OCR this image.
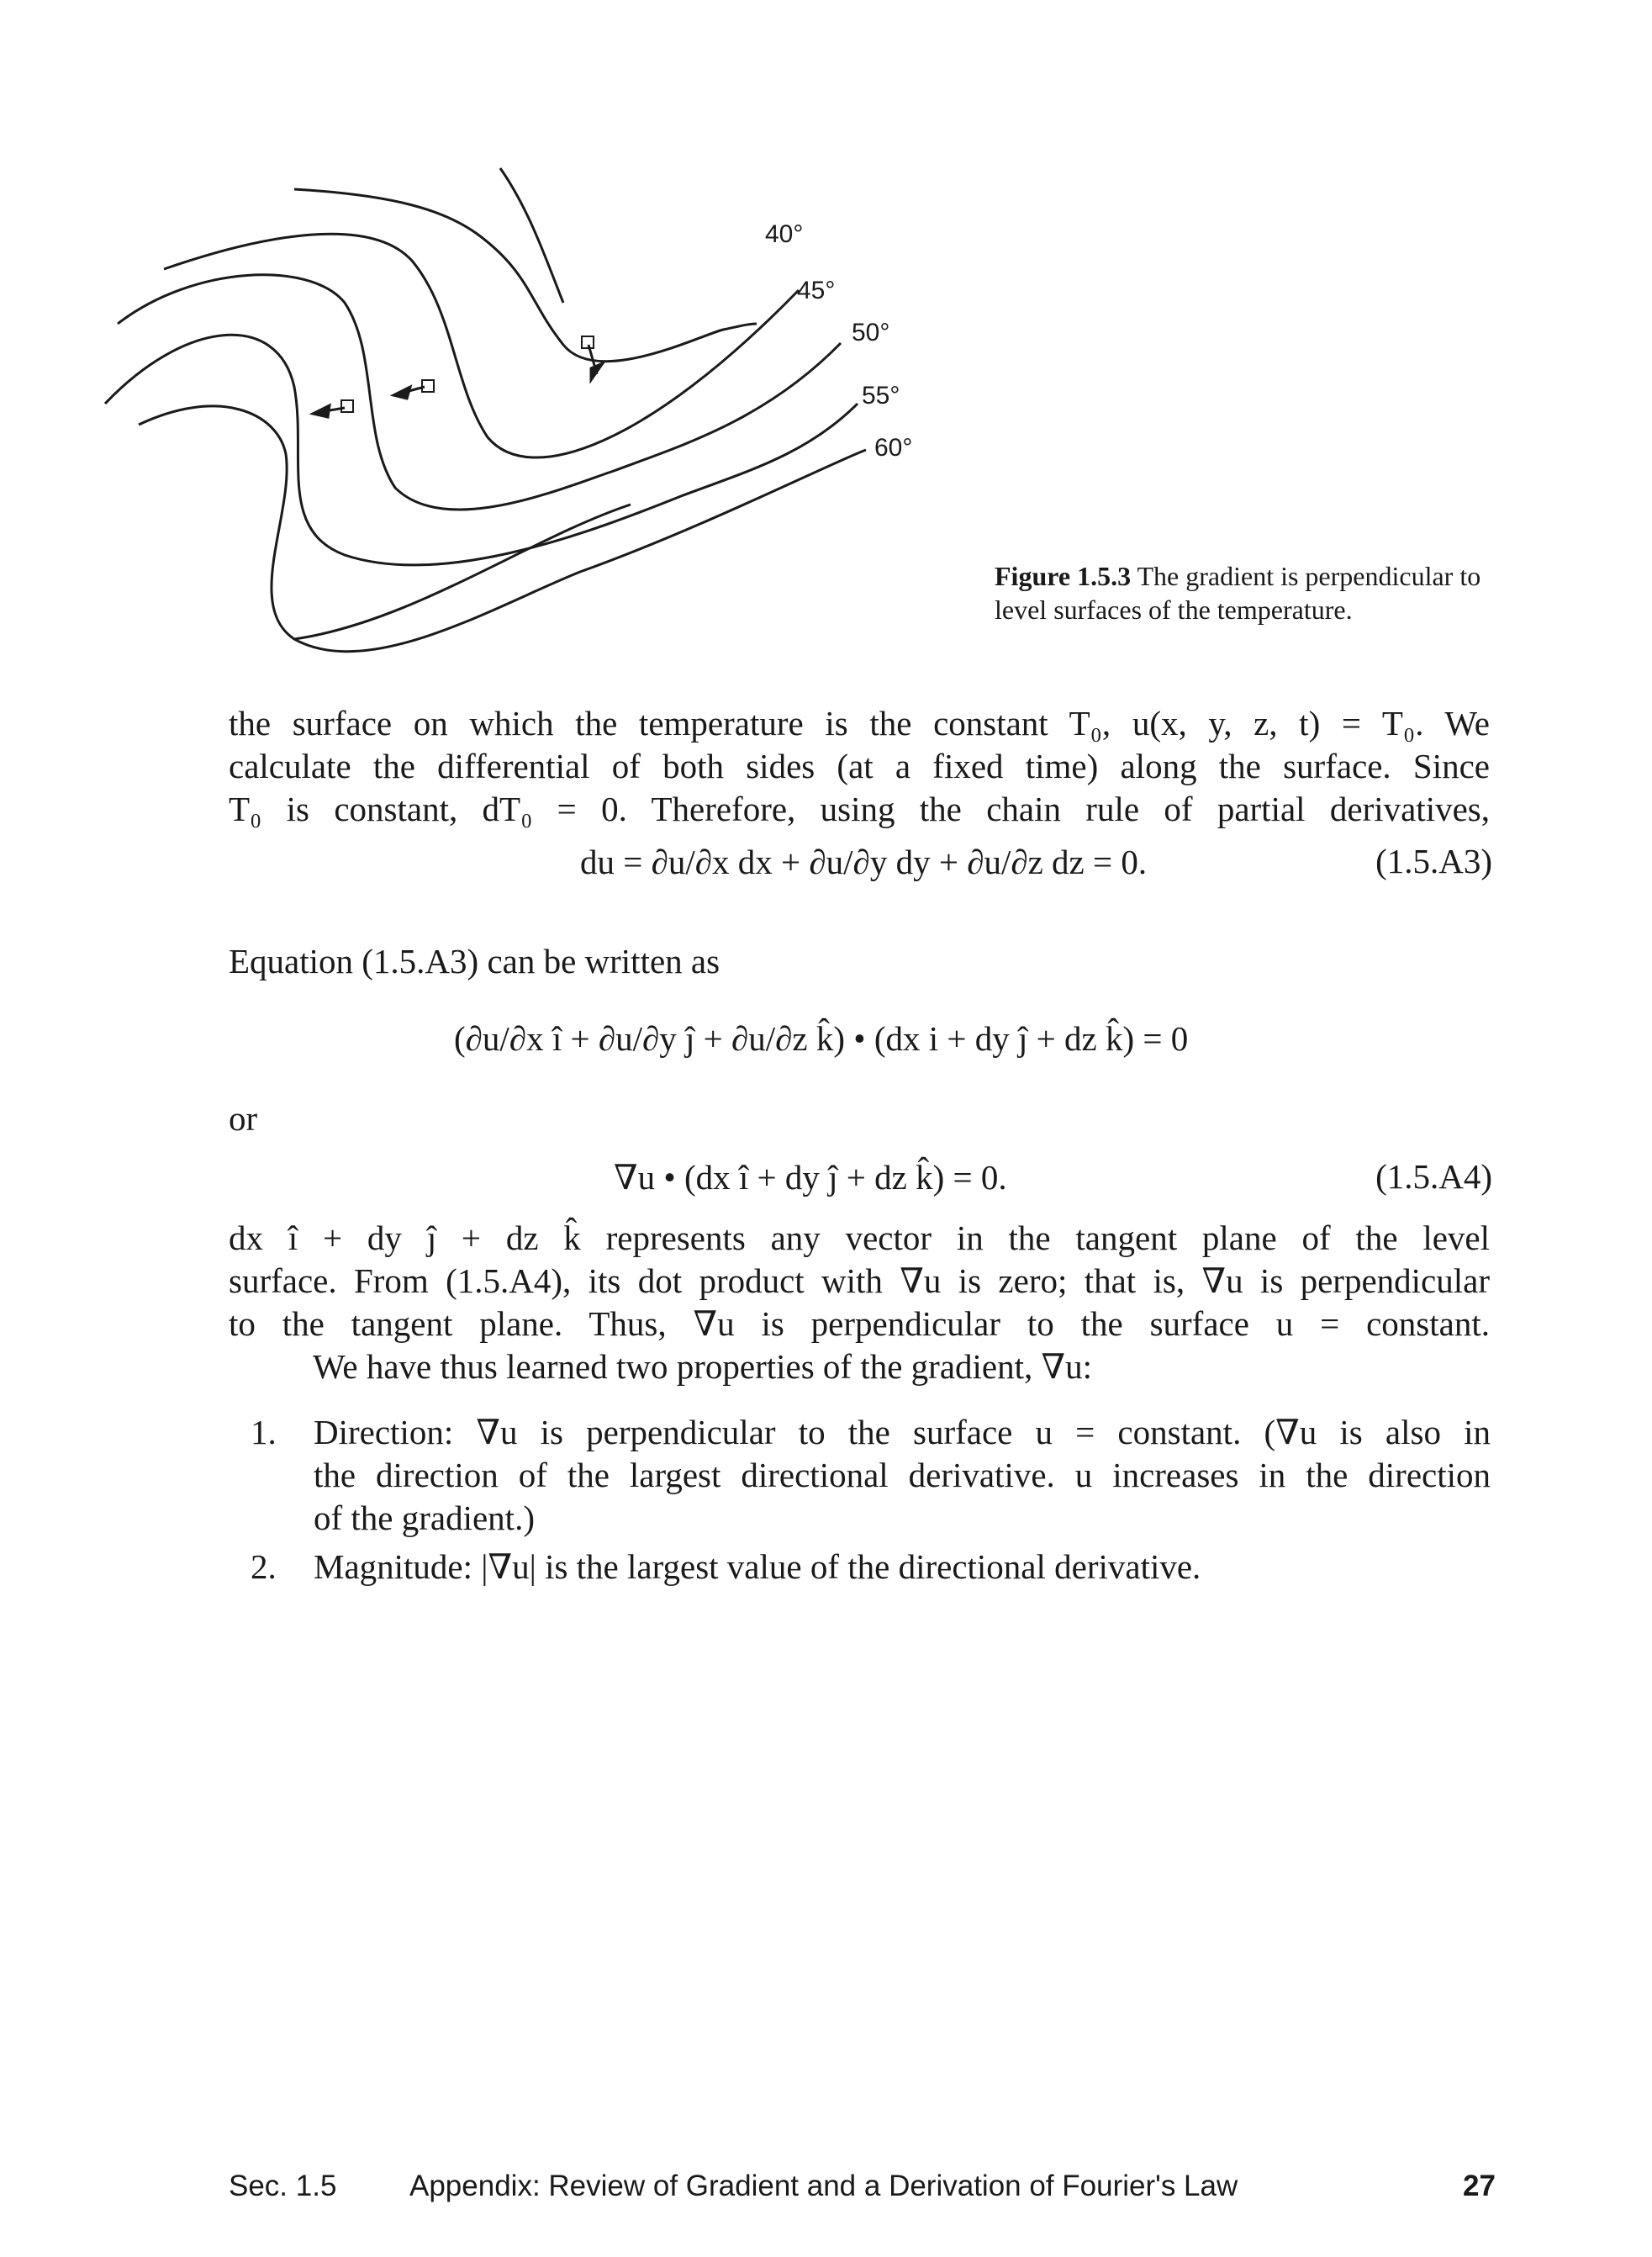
40°
45°
50°
55°
60°
Figure 1.5.3 The gradient is perpendicular to level surfaces of the temperature.
the surface on which the temperature is the constant T₀, u(x, y, z, t) = T₀. We
calculate the differential of both sides (at a fixed time) along the surface. Since
T₀ is constant, dT₀ = 0. Therefore, using the chain rule of partial derivatives,
du = ∂u/∂x dx + ∂u/∂y dy + ∂u/∂z dz = 0.	(1.5.A3)
Equation (1.5.A3) can be written as
(∂u/∂x î + ∂u/∂y ĵ + ∂u/∂z k̂) • (dx i + dy ĵ + dz k̂) = 0
or
∇u • (dx î + dy ĵ + dz k̂) = 0.	(1.5.A4)
dx î + dy ĵ + dz k̂ represents any vector in the tangent plane of the level
surface. From (1.5.A4), its dot product with ∇u is zero; that is, ∇u is perpendicular
to the tangent plane. Thus, ∇u is perpendicular to the surface u = constant.
We have thus learned two properties of the gradient, ∇u:
1. Direction: ∇u is perpendicular to the surface u = constant. (∇u is also in
the direction of the largest directional derivative. u increases in the direction
of the gradient.)
2. Magnitude: |∇u| is the largest value of the directional derivative.
Sec. 1.5 Appendix: Review of Gradient and a Derivation of Fourier's Law	27
